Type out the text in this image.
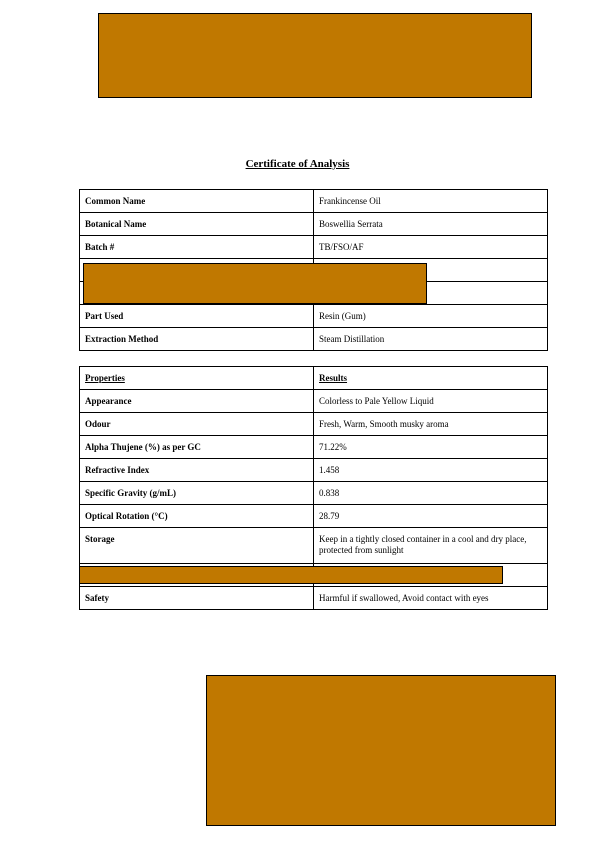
Certificate of Analysis
Common Name	Frankincense Oil
Botanical Name	Boswellia Serrata
Batch #	TB/FSO/AF

Part Used	Resin (Gum)
Extraction Method	Steam Distillation
Properties	Results
Appearance	Colorless to Pale Yellow Liquid
Odour	Fresh, Warm, Smooth musky aroma
Alpha Thujene (%) as per GC	71.22%
Refractive Index	1.458
Specific Gravity (g/mL)	0.838
Optical Rotation (°C)	28.79
Storage	Keep in a tightly closed container in a cool and dry place, protected from sunlight

Safety	Harmful if swallowed, Avoid contact with eyes
